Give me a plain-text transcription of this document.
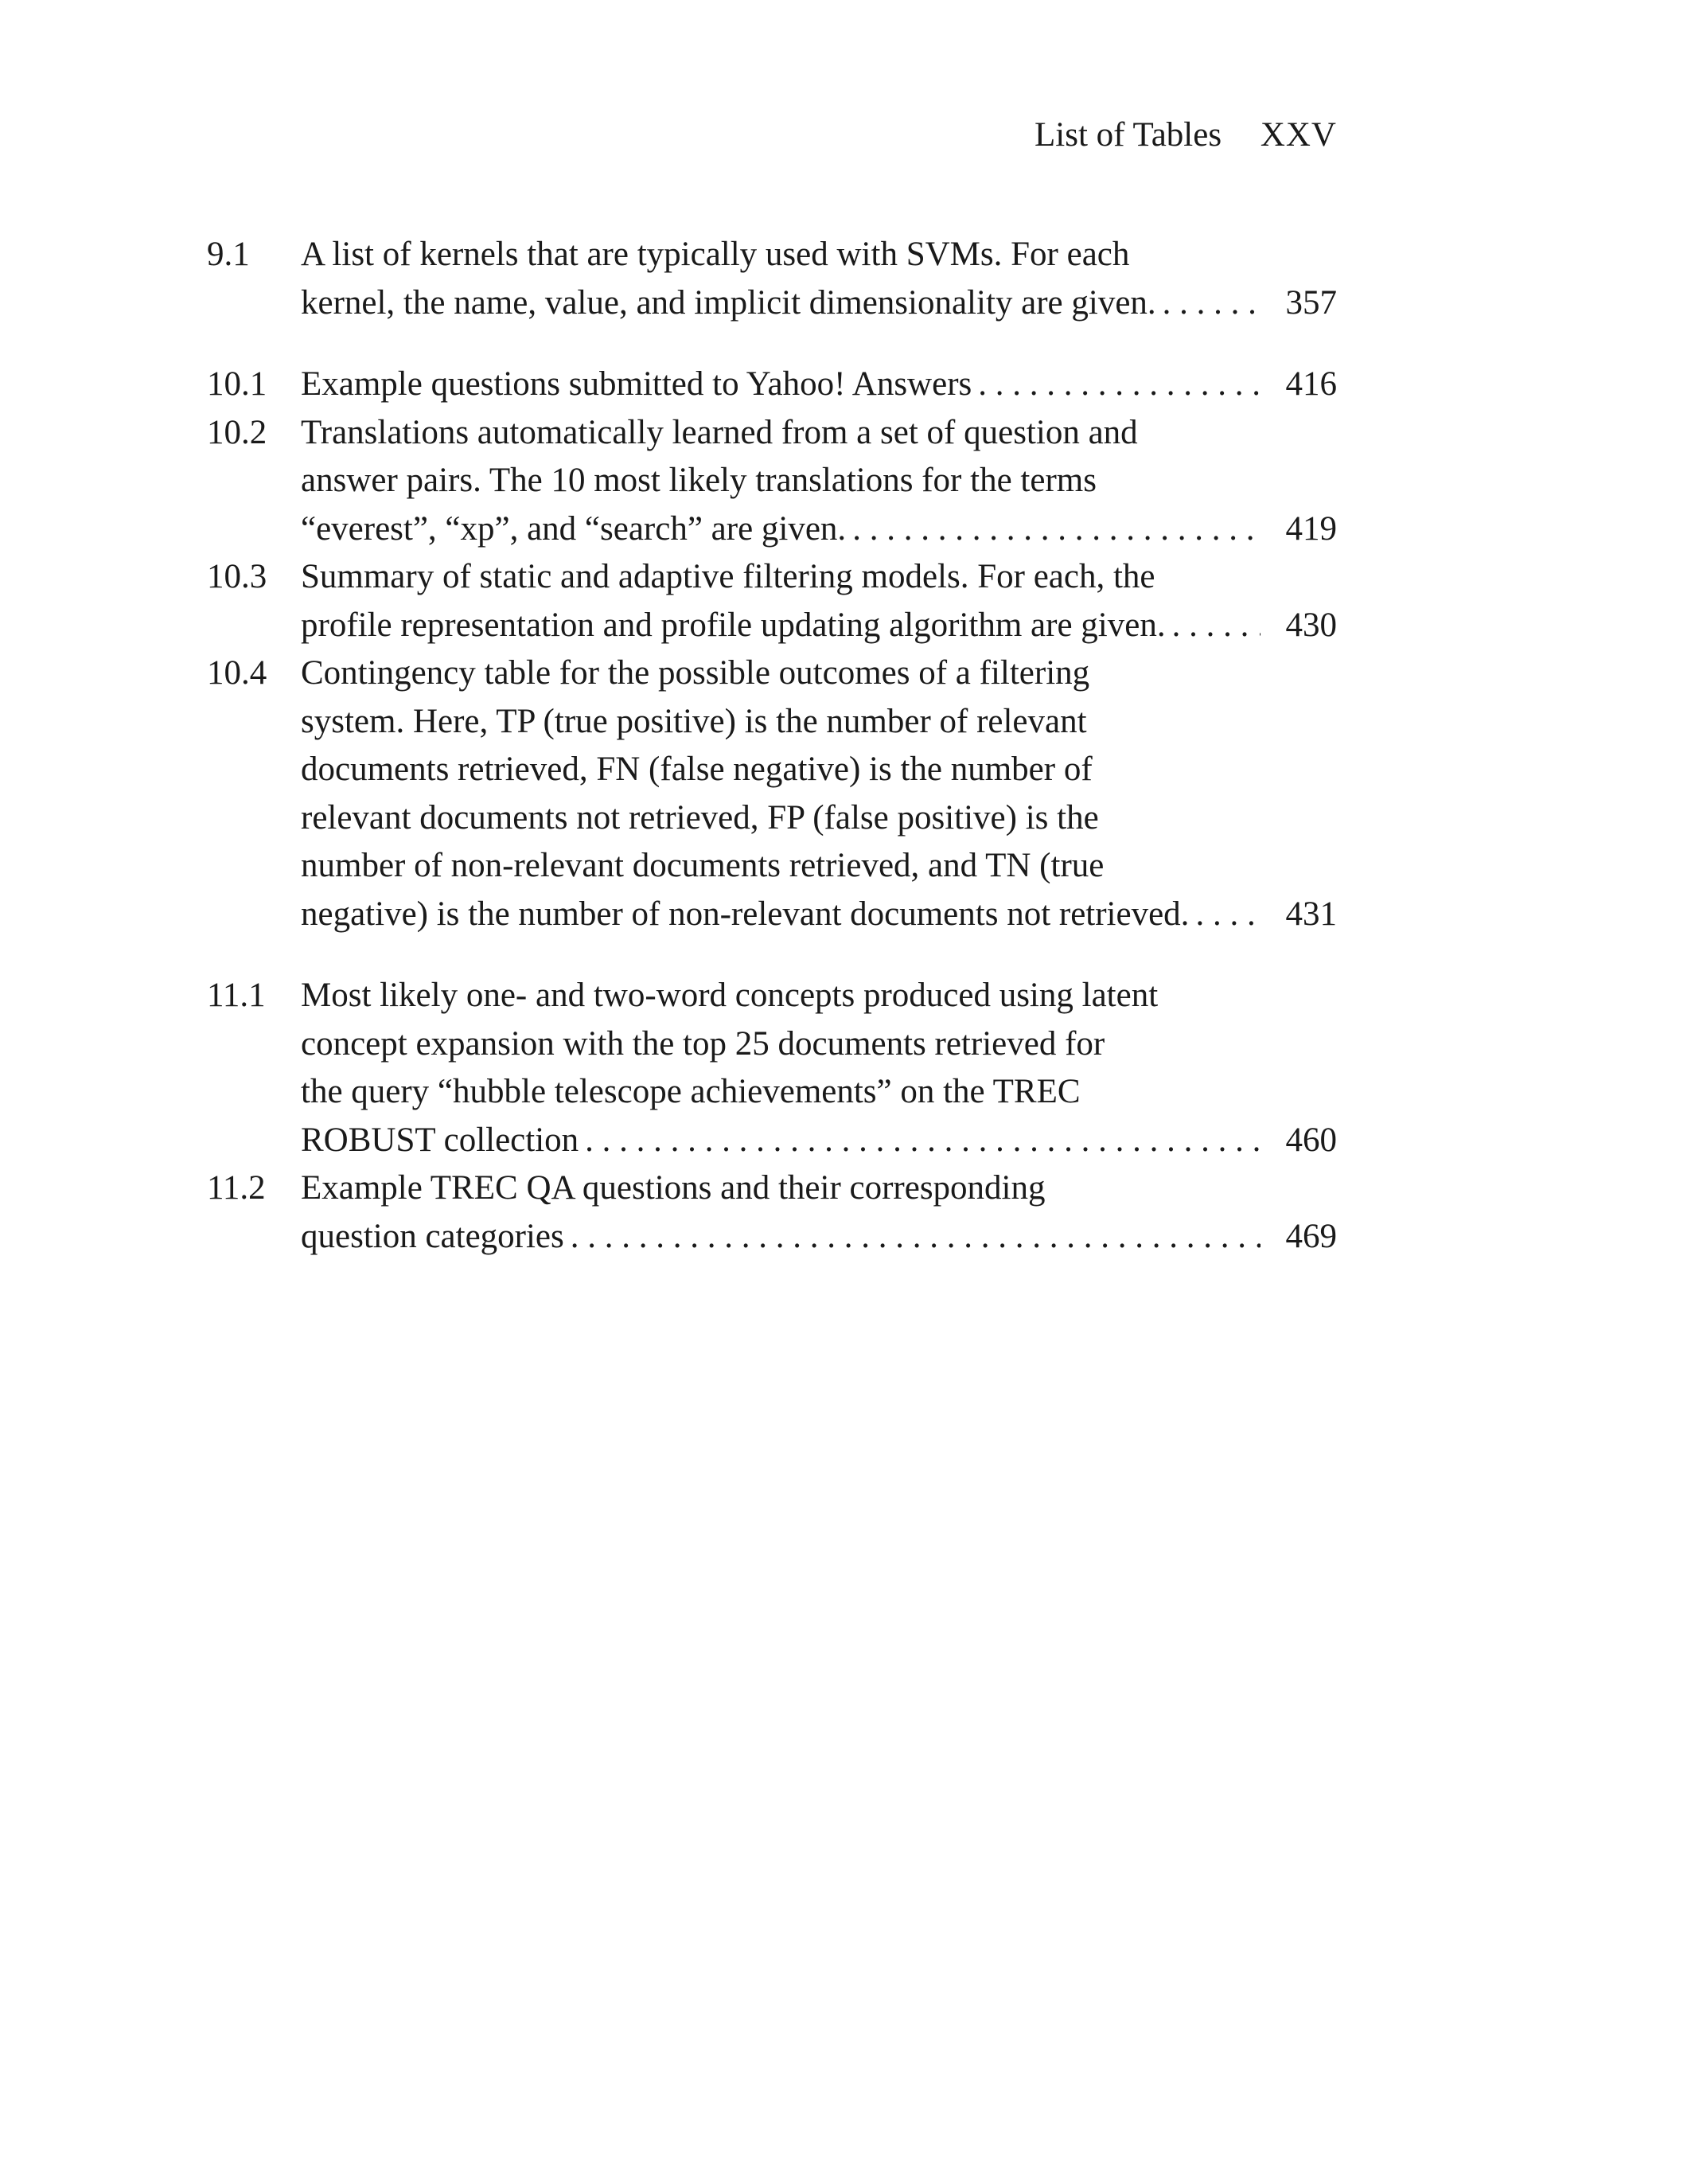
List of Tables XXV
9.1 A list of kernels that are typically used with SVMs. For each
kernel, the name, value, and implicit dimensionality are given. . . .	357
10.1 Example questions submitted to Yahoo! Answers . . .	416
10.2 Translations automatically learned from a set of question and
answer pairs. The 10 most likely translations for the terms
“everest”, “xp”, and “search” are given. . . .	419
10.3 Summary of static and adaptive filtering models. For each, the
profile representation and profile updating algorithm are given. . . .	430
10.4 Contingency table for the possible outcomes of a filtering
system. Here, TP (true positive) is the number of relevant
documents retrieved, FN (false negative) is the number of
relevant documents not retrieved, FP (false positive) is the
number of non-relevant documents retrieved, and TN (true
negative) is the number of non-relevant documents not retrieved. . . .	431
11.1 Most likely one- and two-word concepts produced using latent
concept expansion with the top 25 documents retrieved for
the query “hubble telescope achievements” on the TREC
ROBUST collection . . .	460
11.2 Example TREC QA questions and their corresponding
question categories . . .	469
